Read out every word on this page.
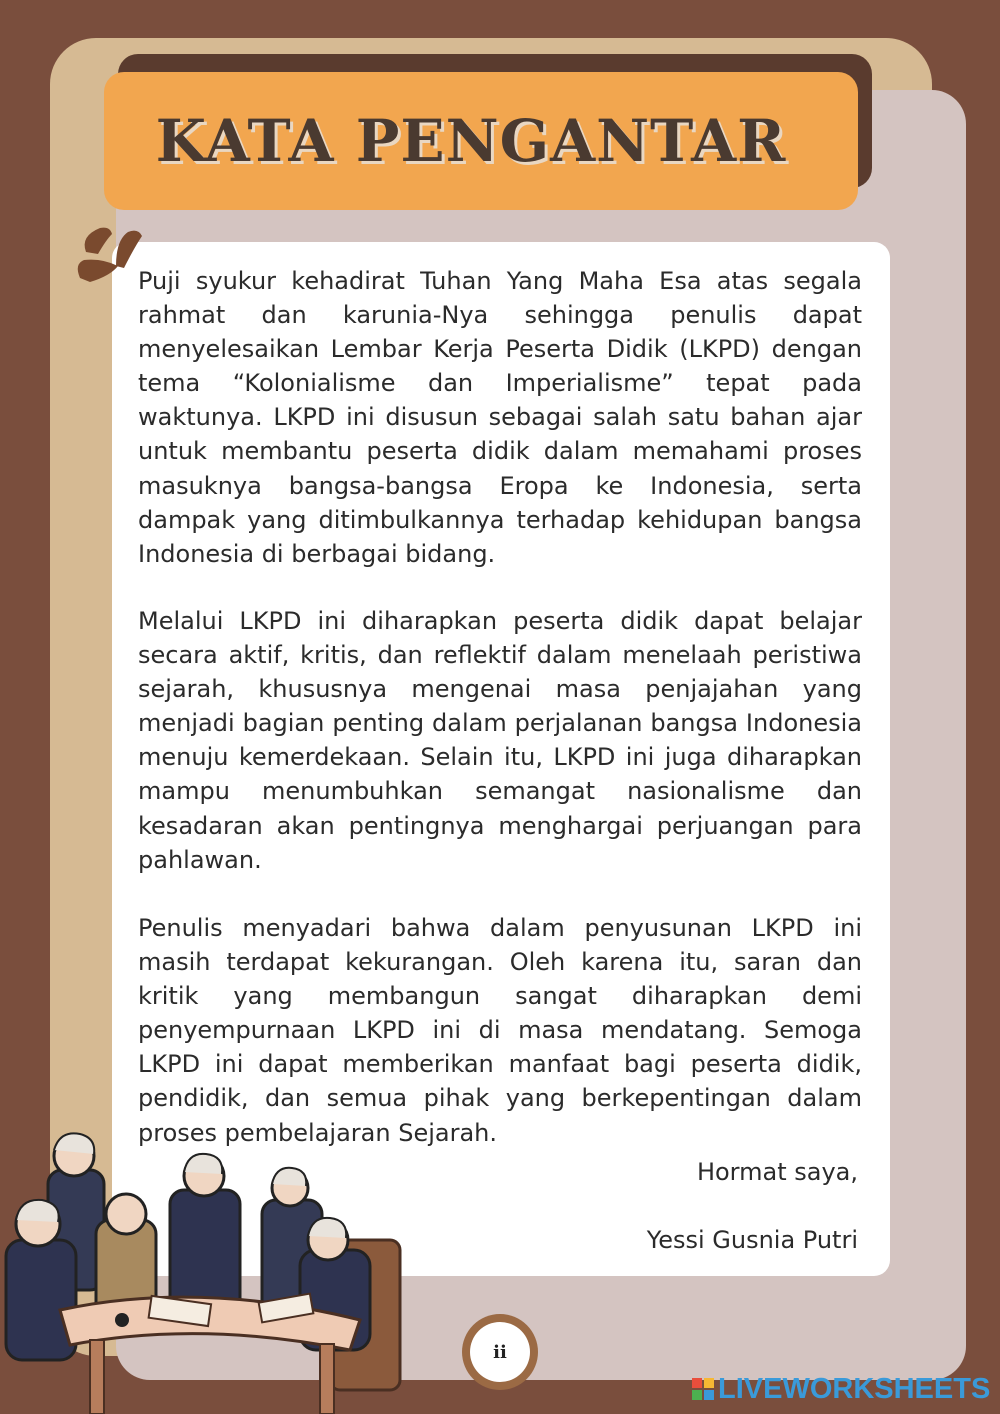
KATA PENGANTAR

Puji syukur kehadirat Tuhan Yang Maha Esa atas segala rahmat dan karunia-Nya sehingga penulis dapat menyelesaikan Lembar Kerja Peserta Didik (LKPD) dengan tema “Kolonialisme dan Imperialisme” tepat pada waktunya. LKPD ini disusun sebagai salah satu bahan ajar untuk membantu peserta didik dalam memahami proses masuknya bangsa-bangsa Eropa ke Indonesia, serta dampak yang ditimbulkannya terhadap kehidupan bangsa Indonesia di berbagai bidang.

Melalui LKPD ini diharapkan peserta didik dapat belajar secara aktif, kritis, dan reflektif dalam menelaah peristiwa sejarah, khususnya mengenai masa penjajahan yang menjadi bagian penting dalam perjalanan bangsa Indonesia menuju kemerdekaan. Selain itu, LKPD ini juga diharapkan mampu menumbuhkan semangat nasionalisme dan kesadaran akan pentingnya menghargai perjuangan para pahlawan.

Penulis menyadari bahwa dalam penyusunan LKPD ini masih terdapat kekurangan. Oleh karena itu, saran dan kritik yang membangun sangat diharapkan demi penyempurnaan LKPD ini di masa mendatang. Semoga LKPD ini dapat memberikan manfaat bagi peserta didik, pendidik, dan semua pihak yang berkepentingan dalam proses pembelajaran Sejarah.

Hormat saya,

Yessi Gusnia Putri

ii
LIVEWORKSHEETS
